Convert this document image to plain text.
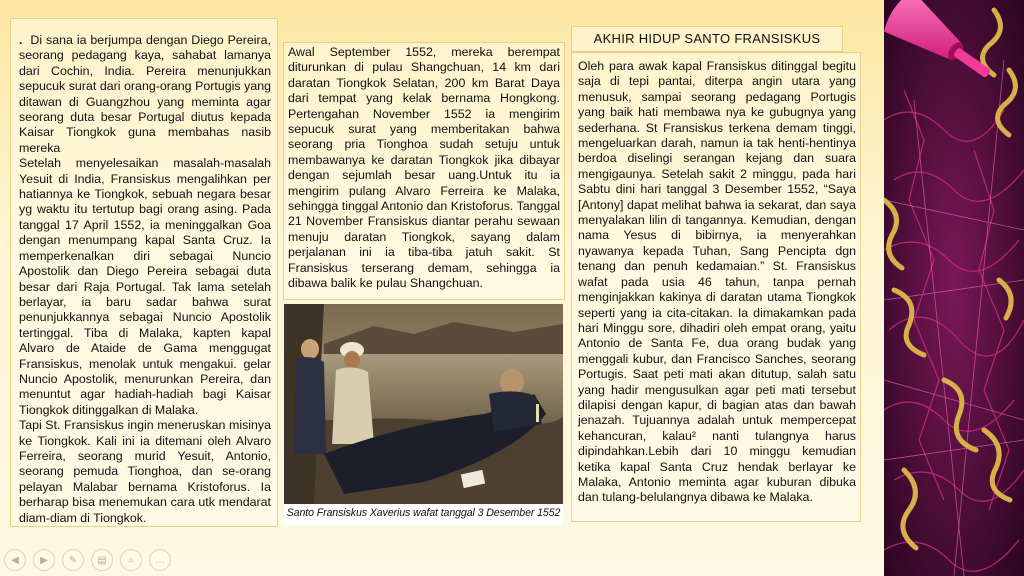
. Di sana ia berjumpa dengan Diego Pereira, seorang pedagang kaya, sahabat lamanya dari Cochin, India. Pereira menunjukkan sepucuk surat dari orang-orang Portugis yang ditawan di Guangzhou yang meminta agar seorang duta besar Portugal diutus kepada Kaisar Tiongkok guna membahas nasib mereka

Setelah menyelesaikan masalah-masalah Yesuit di India, Fransiskus mengalihkan per hatiannya ke Tiongkok, sebuah negara besar yg waktu itu tertutup bagi orang asing. Pada tanggal 17 April 1552, ia meninggalkan Goa dengan menumpang kapal Santa Cruz. Ia memperkenalkan diri sebagai Nuncio Apostolik dan Diego Pereira sebagai duta besar dari Raja Portugal. Tak lama setelah berlayar, ia baru sadar bahwa surat penunjukkannya sebagai Nuncio Apostolik tertinggal. Tiba di Malaka, kapten kapal Alvaro de Ataide de Gama menggugat Fransiskus, menolak untuk mengakui. gelar Nuncio Apostolik, menurunkan Pereira, dan menuntut agar hadiah-hadiah bagi Kaisar Tiongkok ditinggalkan di Malaka.

Tapi St. Fransiskus ingin meneruskan misinya ke Tiongkok. Kali ini ia ditemani oleh Alvaro Ferreira, seorang murid Yesuit, Antonio, seorang pemuda Tionghoa, dan se-orang pelayan Malabar bernama Kristoforus. Ia berharap bisa menemukan cara utk mendarat diam-diam di Tiongkok.

Awal September 1552, mereka berempat diturunkan di pulau Shangchuan, 14 km dari daratan Tiongkok Selatan, 200 km Barat Daya dari tempat yang kelak bernama Hongkong. Pertengahan November 1552 ia mengirim sepucuk surat yang memberitakan bahwa seorang pria Tionghoa sudah setuju untuk membawanya ke daratan Tiongkok jika dibayar dengan sejumlah besar uang.Untuk itu ia mengirim pulang Alvaro Ferreira ke Malaka, sehingga tinggal Antonio dan Kristoforus. Tanggal 21 November Fransiskus diantar perahu sewaan menuju daratan Tiongkok, sayang dalam perjalanan ini ia tiba-tiba jatuh sakit. St Fransiskus terserang demam, sehingga ia dibawa balik ke pulau Shangchuan.

Santo Fransiskus Xaverius wafat tanggal 3 Desember 1552
AKHIR HIDUP SANTO FRANSISKUS

Oleh para awak kapal Fransiskus ditinggal begitu saja di tepi pantai, diterpa angin utara yang menusuk, sampai seorang pedagang Portugis yang baik hati membawa nya ke gubugnya yang sederhana. St Fransiskus terkena demam tinggi, mengeluarkan darah, namun ia tak henti-hentinya berdoa diselingi serangan kejang dan suara mengigaunya. Setelah sakit 2 minggu, pada hari Sabtu dini hari tanggal 3 Desember 1552, “Saya [Antony] dapat melihat bahwa ia sekarat, dan saya menyalakan lilin di tangannya. Kemudian, dengan nama Yesus di bibirnya, ia menyerahkan nyawanya kepada Tuhan, Sang Pencipta dgn tenang dan penuh kedamaian.” St. Fransiskus wafat pada usia 46 tahun, tanpa pernah menginjakkan kakinya di daratan utama Tiongkok seperti yang ia cita-citakan. Ia dimakamkan pada hari Minggu sore, dihadiri oleh empat orang, yaitu Antonio de Santa Fe, dua orang budak yang menggali kubur, dan Francisco Sanches, seorang Portugis. Saat peti mati akan ditutup, salah satu yang hadir mengusulkan agar peti mati tersebut dilapisi dengan kapur, di bagian atas dan bawah jenazah. Tujuannya adalah untuk mempercepat kehancuran, kalau² nanti tulangnya harus dipindahkan.Lebih dari 10 minggu kemudian ketika kapal Santa Cruz hendak berlayar ke Malaka, Antonio meminta agar kuburan dibuka dan tulang-belulangnya dibawa ke Malaka.

◀ ▶ ✎ ▤ ⌕ …
